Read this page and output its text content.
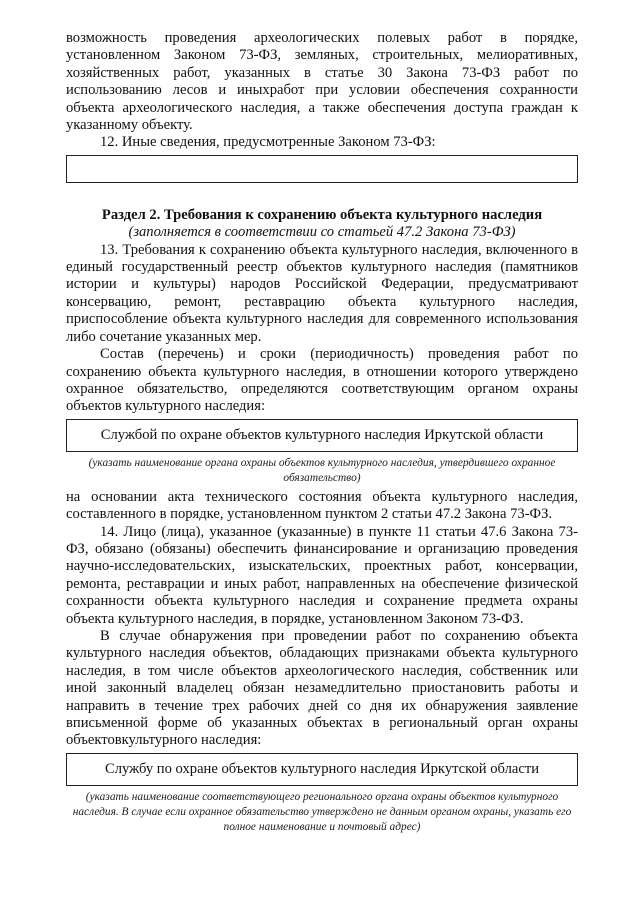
возможность проведения археологических полевых работ в порядке, установленном Законом 73-ФЗ, земляных, строительных, мелиоративных, хозяйственных работ, указанных в статье 30 Закона 73-ФЗ работ по использованию лесов и иныхработ при условии обеспечения сохранности объекта археологического наследия, а также обеспечения доступа граждан к указанному объекту.

12. Иные сведения, предусмотренные Законом 73-ФЗ:

Раздел 2. Требования к сохранению объекта культурного наследия

(заполняется в соответствии со статьей 47.2 Закона 73-ФЗ)

13. Требования к сохранению объекта культурного наследия, включенного в единый государственный реестр объектов культурного наследия (памятников истории и культуры) народов Российской Федерации, предусматривают консервацию, ремонт, реставрацию объекта культурного наследия, приспособление объекта культурного наследия для современного использования либо сочетание указанных мер.

Состав (перечень) и сроки (периодичность) проведения работ по сохранению объекта культурного наследия, в отношении которого утверждено охранное обязательство, определяются соответствующим органом охраны объектов культурного наследия:

Службой по охране объектов культурного наследия Иркутской области

(указать наименование органа охраны объектов культурного наследия, утвердившего охранное обязательство)

на основании акта технического состояния объекта культурного наследия, составленного в порядке, установленном пунктом 2 статьи 47.2 Закона 73-ФЗ.

14. Лицо (лица), указанное (указанные) в пункте 11 статьи 47.6 Закона 73-ФЗ, обязано (обязаны) обеспечить финансирование и организацию проведения научно-исследовательских, изыскательских, проектных работ, консервации, ремонта, реставрации и иных работ, направленных на обеспечение физической сохранности объекта культурного наследия и сохранение предмета охраны объекта культурного наследия, в порядке, установленном Законом 73-ФЗ.

В случае обнаружения при проведении работ по сохранению объекта культурного наследия объектов, обладающих признаками объекта культурного наследия, в том числе объектов археологического наследия, собственник или иной законный владелец обязан незамедлительно приостановить работы и направить в течение трех рабочих дней со дня их обнаружения заявление вписьменной форме об указанных объектах в региональный орган охраны объектовкультурного наследия:

Службу по охране объектов культурного наследия Иркутской области

(указать наименование соответствующего регионального органа охраны объектов культурного наследия. В случае если охранное обязательство утверждено не данным органом охраны, указать его полное наименование и почтовый адрес)
